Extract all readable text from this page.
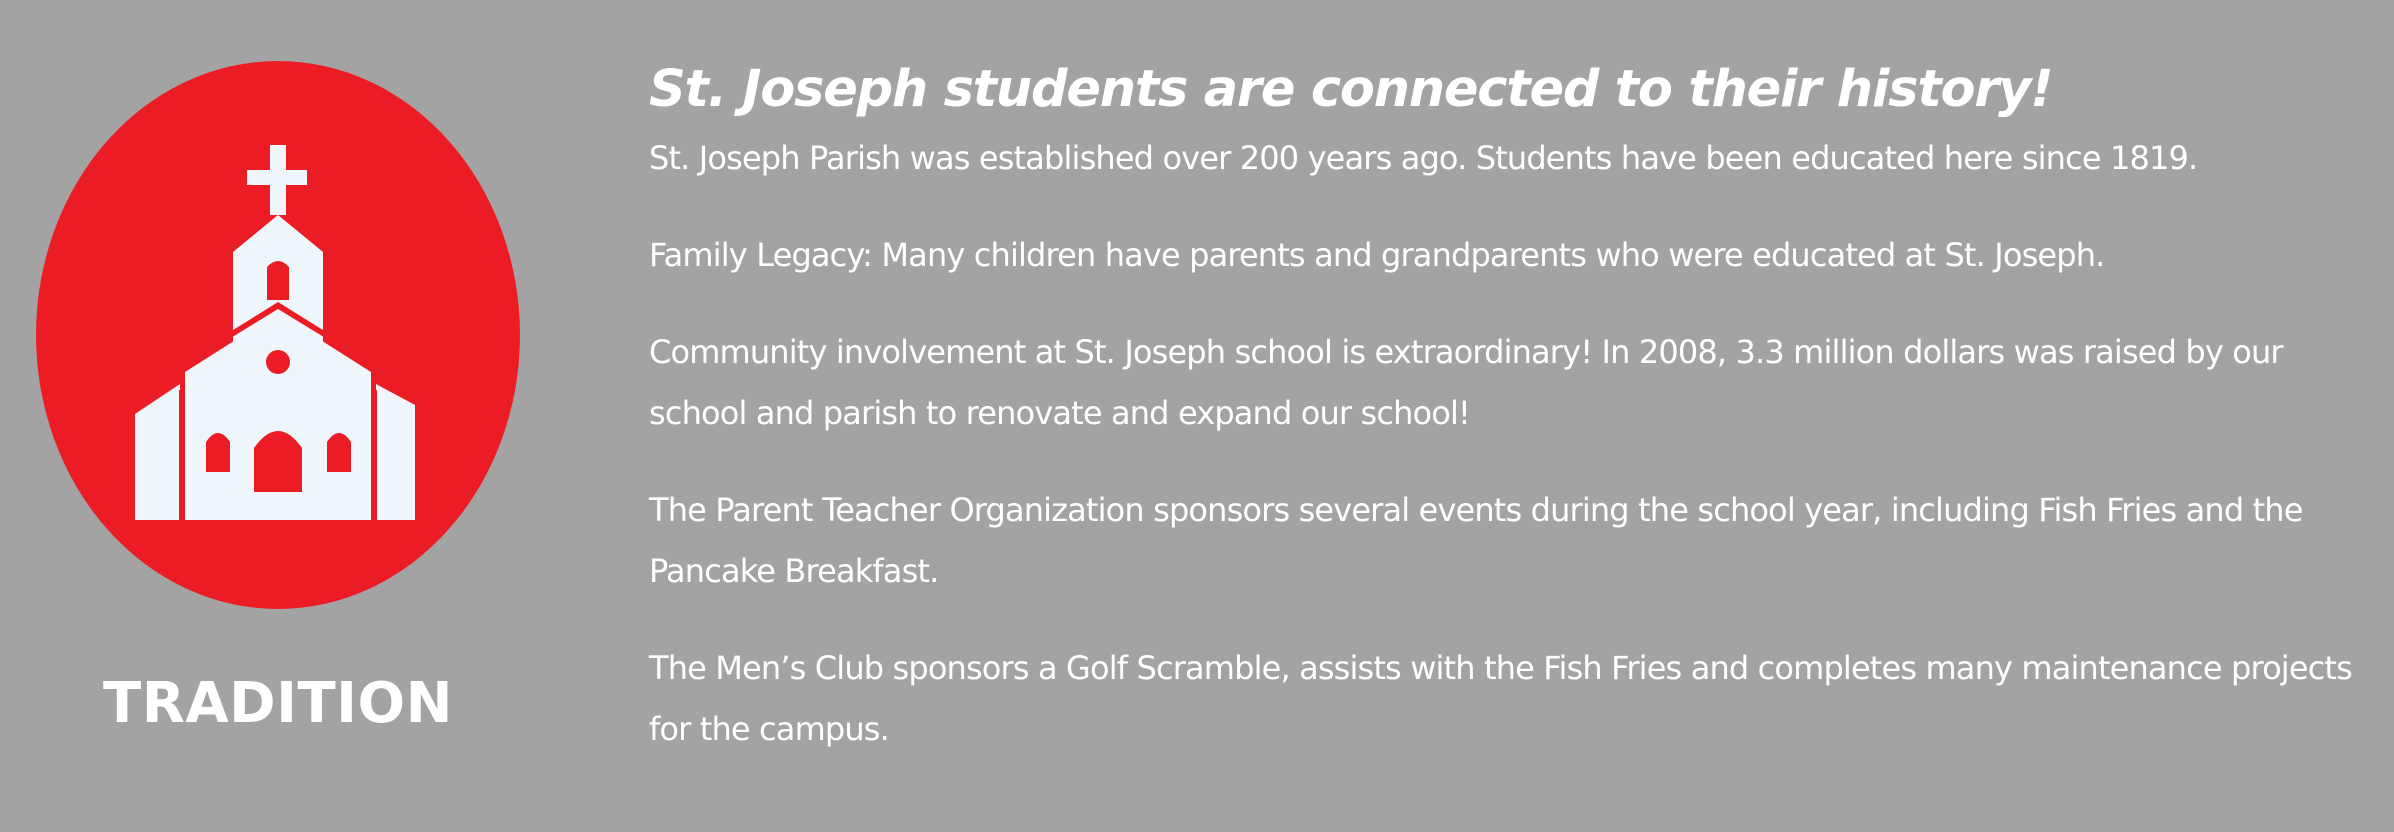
TRADITION
St. Joseph students are connected to their history!

St. Joseph Parish was established over 200 years ago. Students have been educated here since 1819.

Family Legacy: Many children have parents and grandparents who were educated at St. Joseph.

Community involvement at St. Joseph school is extraordinary! In 2008, 3.3 million dollars was raised by our school and parish to renovate and expand our school!

The Parent Teacher Organization sponsors several events during the school year, including Fish Fries and the Pancake Breakfast.

The Men’s Club sponsors a Golf Scramble, assists with the Fish Fries and completes many maintenance projects for the campus.
